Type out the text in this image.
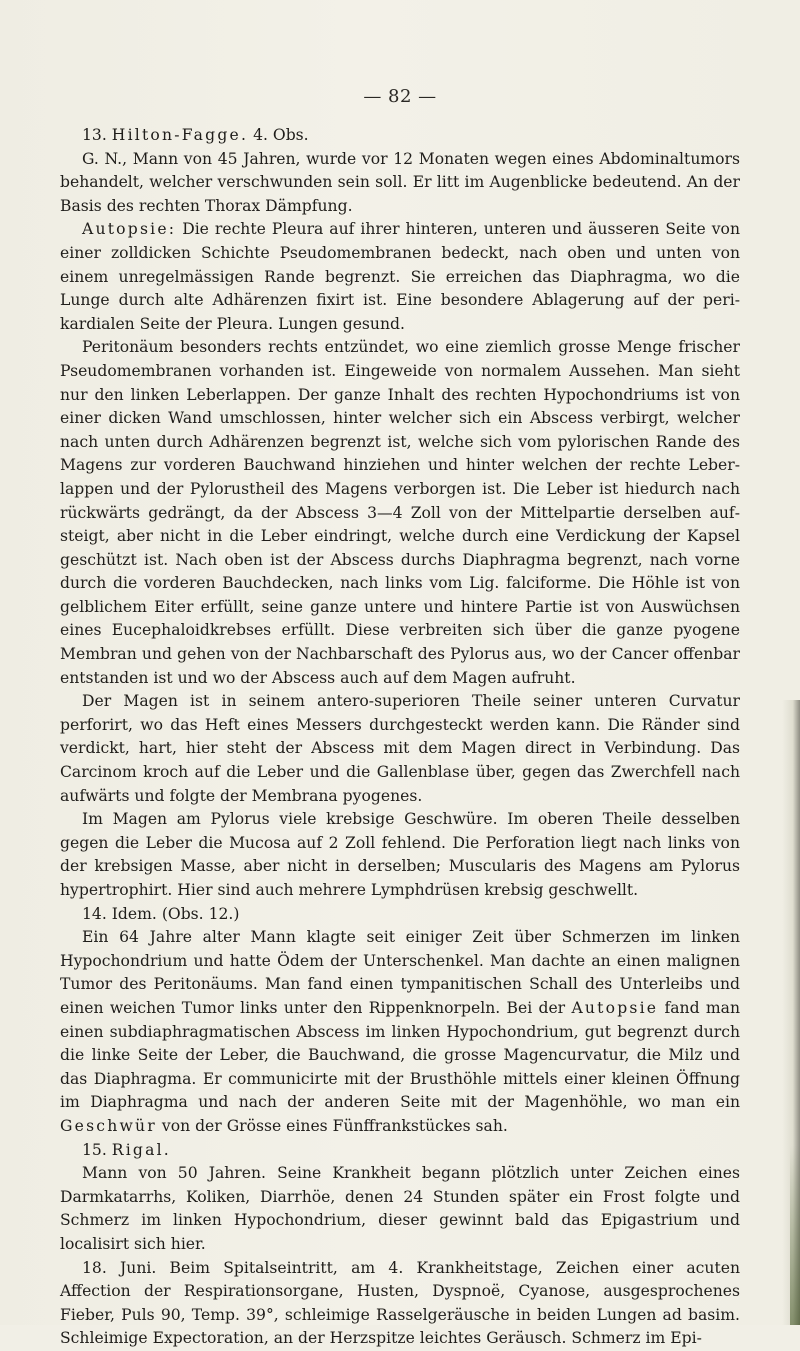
— 82 —

13. Hilton-Fagge. 4. Obs.

G. N., Mann von 45 Jahren, wurde vor 12 Monaten wegen eines Abdominaltumors behandelt, welcher verschwunden sein soll. Er litt im Augenblicke bedeutend. An der Basis des rechten Thorax Dämpfung.

Autopsie: Die rechte Pleura auf ihrer hinteren, unteren und äusseren Seite von einer zolldicken Schichte Pseudomembranen bedeckt, nach oben und unten von einem unregelmässigen Rande begrenzt. Sie erreichen das Diaphragma, wo die Lunge durch alte Adhärenzen fixirt ist. Eine besondere Ablagerung auf der perikardialen Seite der Pleura. Lungen gesund.

Peritonäum besonders rechts entzündet, wo eine ziemlich grosse Menge frischer Pseudomembranen vorhanden ist. Eingeweide von normalem Aussehen. Man sieht nur den linken Leberlappen. Der ganze Inhalt des rechten Hypochondriums ist von einer dicken Wand umschlossen, hinter welcher sich ein Abscess verbirgt, welcher nach unten durch Adhärenzen begrenzt ist, welche sich vom pylorischen Rande des Magens zur vorderen Bauchwand hinziehen und hinter welchen der rechte Leberlappen und der Pylorustheil des Magens verborgen ist. Die Leber ist hiedurch nach rückwärts gedrängt, da der Abscess 3—4 Zoll von der Mittelpartie derselben aufsteigt, aber nicht in die Leber eindringt, welche durch eine Verdickung der Kapsel geschützt ist. Nach oben ist der Abscess durchs Diaphragma begrenzt, nach vorne durch die vorderen Bauchdecken, nach links vom Lig. falciforme. Die Höhle ist von gelblichem Eiter erfüllt, seine ganze untere und hintere Partie ist von Auswüchsen eines Eucephaloidkrebses erfüllt. Diese verbreiten sich über die ganze pyogene Membran und gehen von der Nachbarschaft des Pylorus aus, wo der Cancer offenbar entstanden ist und wo der Abscess auch auf dem Magen aufruht.

Der Magen ist in seinem antero-superioren Theile seiner unteren Curvatur perforirt, wo das Heft eines Messers durchgesteckt werden kann. Die Ränder sind verdickt, hart, hier steht der Abscess mit dem Magen direct in Verbindung. Das Carcinom kroch auf die Leber und die Gallenblase über, gegen das Zwerchfell nach aufwärts und folgte der Membrana pyogenes.

Im Magen am Pylorus viele krebsige Geschwüre. Im oberen Theile desselben gegen die Leber die Mucosa auf 2 Zoll fehlend. Die Perforation liegt nach links von der krebsigen Masse, aber nicht in derselben; Muscularis des Magens am Pylorus hypertrophirt. Hier sind auch mehrere Lymphdrüsen krebsig geschwellt.

14. Idem. (Obs. 12.)

Ein 64 Jahre alter Mann klagte seit einiger Zeit über Schmerzen im linken Hypochondrium und hatte Ödem der Unterschenkel. Man dachte an einen malignen Tumor des Peritonäums. Man fand einen tympanitischen Schall des Unterleibs und einen weichen Tumor links unter den Rippenknorpeln. Bei der Autopsie fand man einen subdiaphragmatischen Abscess im linken Hypochondrium, gut begrenzt durch die linke Seite der Leber, die Bauchwand, die grosse Magencurvatur, die Milz und das Diaphragma. Er communicirte mit der Brusthöhle mittels einer kleinen Öffnung im Diaphragma und nach der anderen Seite mit der Magenhöhle, wo man ein Geschwür von der Grösse eines Fünffrankstückes sah.

15. Rigal.

Mann von 50 Jahren. Seine Krankheit begann plötzlich unter Zeichen eines Darmkatarrhs, Koliken, Diarrhöe, denen 24 Stunden später ein Frost folgte und Schmerz im linken Hypochondrium, dieser gewinnt bald das Epigastrium und localisirt sich hier.

18. Juni. Beim Spitalseintritt, am 4. Krankheitstage, Zeichen einer acuten Affection der Respirationsorgane, Husten, Dyspnoë, Cyanose, ausgesprochenes Fieber, Puls 90, Temp. 39°, schleimige Rasselgeräusche in beiden Lungen ad basim. Schleimige Expectoration, an der Herzspitze leichtes Geräusch. Schmerz im Epi-
